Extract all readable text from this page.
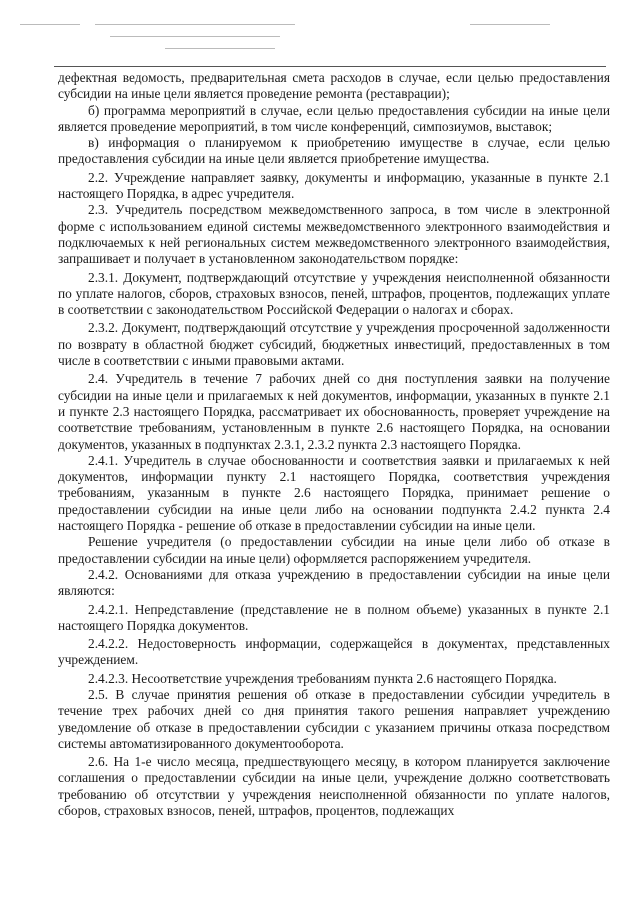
дефектная ведомость, предварительная смета расходов в случае, если целью предоставления субсидии на иные цели является проведение ремонта (реставрации);

б) программа мероприятий в случае, если целью предоставления субсидии на иные цели является проведение мероприятий, в том числе конференций, симпозиумов, выставок;

в) информация о планируемом к приобретению имуществе в случае, если целью предоставления субсидии на иные цели является приобретение имущества.

2.2. Учреждение направляет заявку, документы и информацию, указанные в пункте 2.1 настоящего Порядка, в адрес учредителя.

2.3. Учредитель посредством межведомственного запроса, в том числе в электронной форме с использованием единой системы межведомственного электронного взаимодействия и подключаемых к ней региональных систем межведомственного электронного взаимодействия, запрашивает и получает в установленном законодательством порядке:

2.3.1. Документ, подтверждающий отсутствие у учреждения неисполненной обязанности по уплате налогов, сборов, страховых взносов, пеней, штрафов, процентов, подлежащих уплате в соответствии с законодательством Российской Федерации о налогах и сборах.

2.3.2. Документ, подтверждающий отсутствие у учреждения просроченной задолженности по возврату в областной бюджет субсидий, бюджетных инвестиций, предоставленных в том числе в соответствии с иными правовыми актами.

2.4. Учредитель в течение 7 рабочих дней со дня поступления заявки на получение субсидии на иные цели и прилагаемых к ней документов, информации, указанных в пункте 2.1 и пункте 2.3 настоящего Порядка, рассматривает их обоснованность, проверяет учреждение на соответствие требованиям, установленным в пункте 2.6 настоящего Порядка, на основании документов, указанных в подпунктах 2.3.1, 2.3.2 пункта 2.3 настоящего Порядка.

2.4.1. Учредитель в случае обоснованности и соответствия заявки и прилагаемых к ней документов, информации пункту 2.1 настоящего Порядка, соответствия учреждения требованиям, указанным в пункте 2.6 настоящего Порядка, принимает решение о предоставлении субсидии на иные цели либо на основании подпункта 2.4.2 пункта 2.4 настоящего Порядка - решение об отказе в предоставлении субсидии на иные цели.

Решение учредителя (о предоставлении субсидии на иные цели либо об отказе в предоставлении субсидии на иные цели) оформляется распоряжением учредителя.

2.4.2. Основаниями для отказа учреждению в предоставлении субсидии на иные цели являются:

2.4.2.1. Непредставление (представление не в полном объеме) указанных в пункте 2.1 настоящего Порядка документов.

2.4.2.2. Недостоверность информации, содержащейся в документах, представленных учреждением.

2.4.2.3. Несоответствие учреждения требованиям пункта 2.6 настоящего Порядка.

2.5. В случае принятия решения об отказе в предоставлении субсидии учредитель в течение трех рабочих дней со дня принятия такого решения направляет учреждению уведомление об отказе в предоставлении субсидии с указанием причины отказа посредством системы автоматизированного документооборота.

2.6. На 1-е число месяца, предшествующего месяцу, в котором планируется заключение соглашения о предоставлении субсидии на иные цели, учреждение должно соответствовать требованию об отсутствии у учреждения неисполненной обязанности по уплате налогов, сборов, страховых взносов, пеней, штрафов, процентов, подлежащих
